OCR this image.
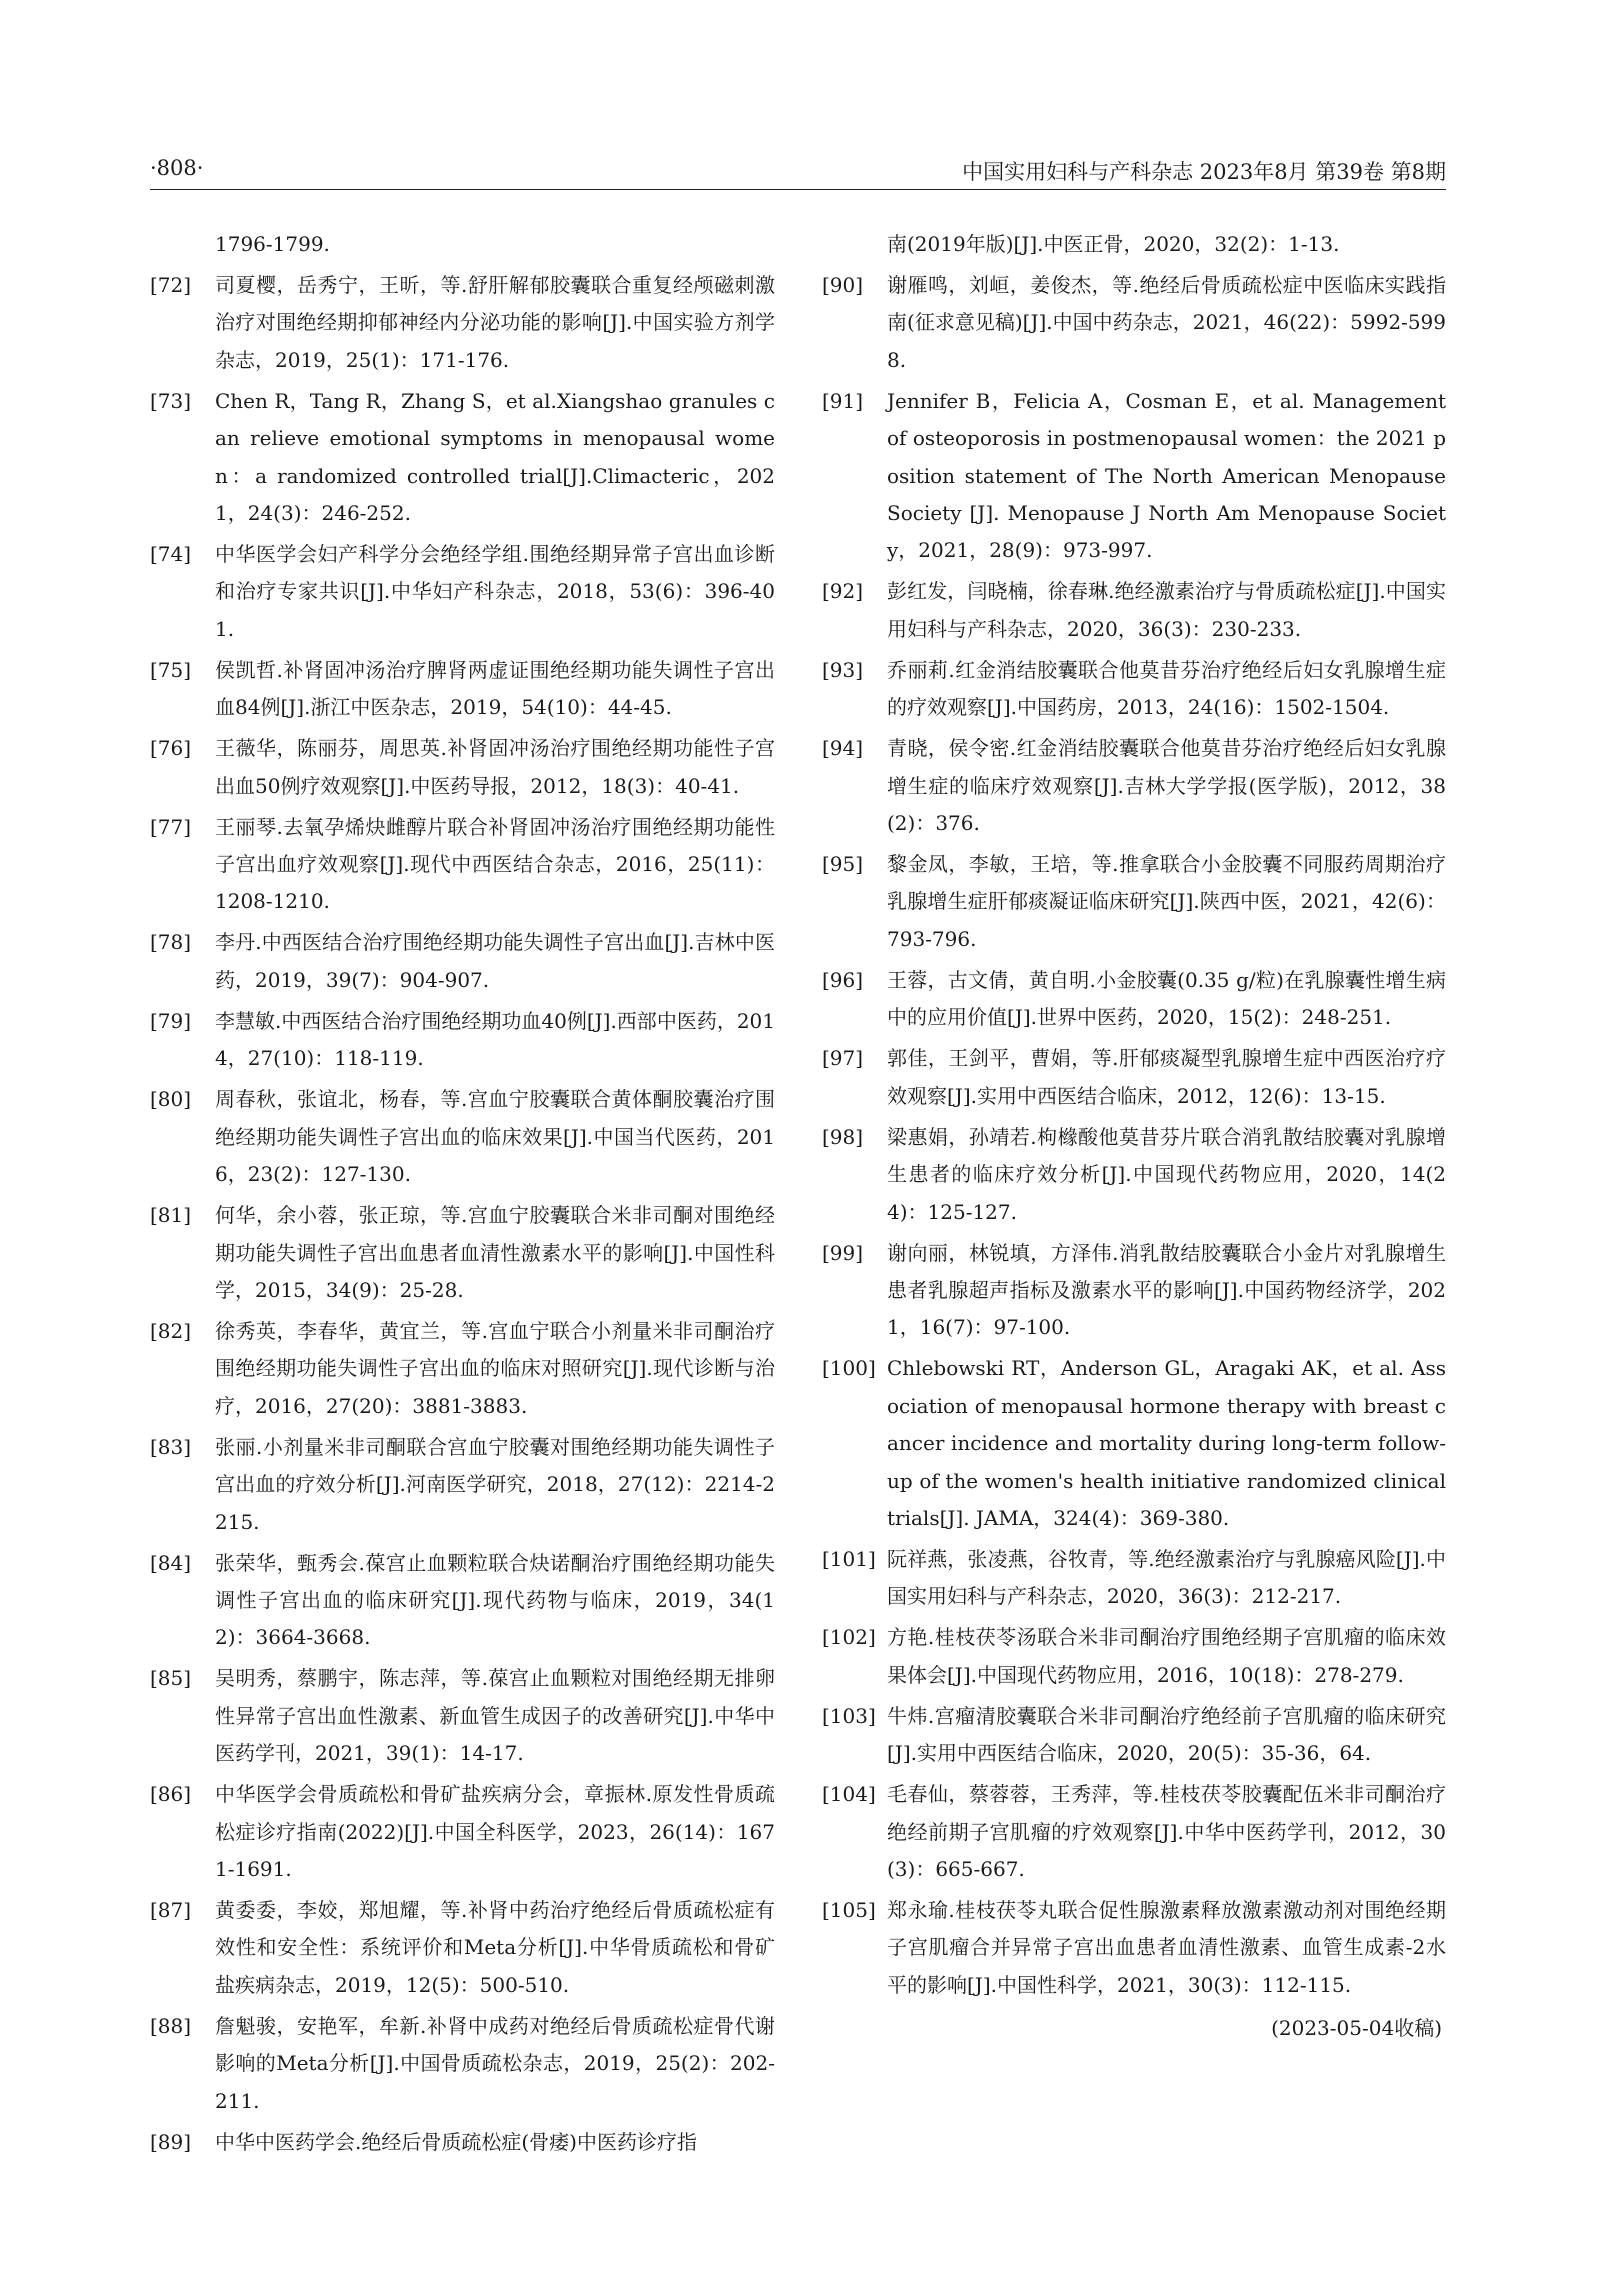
·808·	中国实用妇科与产科杂志 2023年8月 第39卷 第8期
1796-1799.
[72]	司夏樱，岳秀宁，王昕，等.舒肝解郁胶囊联合重复经颅磁刺激治疗对围绝经期抑郁神经内分泌功能的影响[J].中国实验方剂学杂志，2019，25(1)：171-176.
[73]	Chen R，Tang R，Zhang S，et al.Xiangshao granules can relieve emotional symptoms in menopausal women：a randomized controlled trial[J].Climacteric，2021，24(3)：246-252.
[74]	中华医学会妇产科学分会绝经学组.围绝经期异常子宫出血诊断和治疗专家共识[J].中华妇产科杂志，2018，53(6)：396-401.
[75]	侯凯哲.补肾固冲汤治疗脾肾两虚证围绝经期功能失调性子宫出血84例[J].浙江中医杂志，2019，54(10)：44-45.
[76]	王薇华，陈丽芬，周思英.补肾固冲汤治疗围绝经期功能性子宫出血50例疗效观察[J].中医药导报，2012，18(3)：40-41.
[77]	王丽琴.去氧孕烯炔雌醇片联合补肾固冲汤治疗围绝经期功能性子宫出血疗效观察[J].现代中西医结合杂志，2016，25(11)：1208-1210.
[78]	李丹.中西医结合治疗围绝经期功能失调性子宫出血[J].吉林中医药，2019，39(7)：904-907.
[79]	李慧敏.中西医结合治疗围绝经期功血40例[J].西部中医药，2014，27(10)：118-119.
[80]	周春秋，张谊北，杨春，等.宫血宁胶囊联合黄体酮胶囊治疗围绝经期功能失调性子宫出血的临床效果[J].中国当代医药，2016，23(2)：127-130.
[81]	何华，余小蓉，张正琼，等.宫血宁胶囊联合米非司酮对围绝经期功能失调性子宫出血患者血清性激素水平的影响[J].中国性科学，2015，34(9)：25-28.
[82]	徐秀英，李春华，黄宜兰，等.宫血宁联合小剂量米非司酮治疗围绝经期功能失调性子宫出血的临床对照研究[J].现代诊断与治疗，2016，27(20)：3881-3883.
[83]	张丽.小剂量米非司酮联合宫血宁胶囊对围绝经期功能失调性子宫出血的疗效分析[J].河南医学研究，2018，27(12)：2214-2215.
[84]	张荣华，甄秀会.葆宫止血颗粒联合炔诺酮治疗围绝经期功能失调性子宫出血的临床研究[J].现代药物与临床，2019，34(12)：3664-3668.
[85]	吴明秀，蔡鹏宇，陈志萍，等.葆宫止血颗粒对围绝经期无排卵性异常子宫出血性激素、新血管生成因子的改善研究[J].中华中医药学刊，2021，39(1)：14-17.
[86]	中华医学会骨质疏松和骨矿盐疾病分会，章振林.原发性骨质疏松症诊疗指南(2022)[J].中国全科医学，2023，26(14)：1671-1691.
[87]	黄委委，李姣，郑旭耀，等.补肾中药治疗绝经后骨质疏松症有效性和安全性：系统评价和Meta分析[J].中华骨质疏松和骨矿盐疾病杂志，2019，12(5)：500-510.
[88]	詹魁骏，安艳军，牟新.补肾中成药对绝经后骨质疏松症骨代谢影响的Meta分析[J].中国骨质疏松杂志，2019，25(2)：202-211.
[89]	中华中医药学会.绝经后骨质疏松症(骨痿)中医药诊疗指
南(2019年版)[J].中医正骨，2020，32(2)：1-13.
[90]	谢雁鸣，刘峘，姜俊杰，等.绝经后骨质疏松症中医临床实践指南(征求意见稿)[J].中国中药杂志，2021，46(22)：5992-5998.
[91]	Jennifer B，Felicia A，Cosman E，et al. Management of osteoporosis in postmenopausal women：the 2021 position statement of The North American Menopause Society [J]. Menopause J North Am Menopause Society，2021，28(9)：973-997.
[92]	彭红发，闫晓楠，徐春琳.绝经激素治疗与骨质疏松症[J].中国实用妇科与产科杂志，2020，36(3)：230-233.
[93]	乔丽莉.红金消结胶囊联合他莫昔芬治疗绝经后妇女乳腺增生症的疗效观察[J].中国药房，2013，24(16)：1502-1504.
[94]	青晓，侯令密.红金消结胶囊联合他莫昔芬治疗绝经后妇女乳腺增生症的临床疗效观察[J].吉林大学学报(医学版)，2012，38(2)：376.
[95]	黎金凤，李敏，王培，等.推拿联合小金胶囊不同服药周期治疗乳腺增生症肝郁痰凝证临床研究[J].陕西中医，2021，42(6)：793-796.
[96]	王蓉，古文倩，黄自明.小金胶囊(0.35 g/粒)在乳腺囊性增生病中的应用价值[J].世界中医药，2020，15(2)：248-251.
[97]	郭佳，王剑平，曹娟，等.肝郁痰凝型乳腺增生症中西医治疗疗效观察[J].实用中西医结合临床，2012，12(6)：13-15.
[98]	梁惠娟，孙靖若.枸橼酸他莫昔芬片联合消乳散结胶囊对乳腺增生患者的临床疗效分析[J].中国现代药物应用，2020，14(24)：125-127.
[99]	谢向丽，林锐填，方泽伟.消乳散结胶囊联合小金片对乳腺增生患者乳腺超声指标及激素水平的影响[J].中国药物经济学，2021，16(7)：97-100.
[100] Chlebowski RT，Anderson GL，Aragaki AK，et al. Association of menopausal hormone therapy with breast cancer incidence and mortality during long-term follow-up of the women's health initiative randomized clinical trials[J]. JAMA，324(4)：369-380.
[101] 阮祥燕，张凌燕，谷牧青，等.绝经激素治疗与乳腺癌风险[J].中国实用妇科与产科杂志，2020，36(3)：212-217.
[102] 方艳.桂枝茯苓汤联合米非司酮治疗围绝经期子宫肌瘤的临床效果体会[J].中国现代药物应用，2016，10(18)：278-279.
[103] 牛炜.宫瘤清胶囊联合米非司酮治疗绝经前子宫肌瘤的临床研究[J].实用中西医结合临床，2020，20(5)：35-36，64.
[104] 毛春仙，蔡蓉蓉，王秀萍，等.桂枝茯苓胶囊配伍米非司酮治疗绝经前期子宫肌瘤的疗效观察[J].中华中医药学刊，2012，30(3)：665-667.
[105] 郑永瑜.桂枝茯苓丸联合促性腺激素释放激素激动剂对围绝经期子宫肌瘤合并异常子宫出血患者血清性激素、血管生成素-2水平的影响[J].中国性科学，2021，30(3)：112-115.
(2023-05-04收稿)
